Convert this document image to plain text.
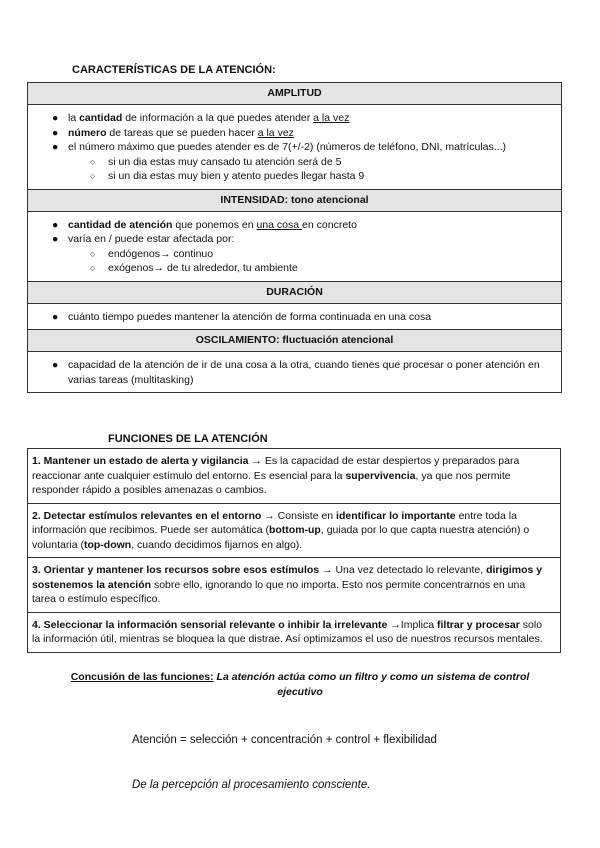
CARACTERÍSTICAS DE LA ATENCIÓN:
AMPLITUD
● la cantidad de información a la que puedes atender a la vez
● número de tareas que se pueden hacer a la vez
● el número máximo que puedes atender es de 7(+/-2) (números de teléfono, DNI, matrículas...)
○ si un dia estas muy cansado tu atención será de 5
○ si un dia estas muy bien y atento puedes llegar hasta 9
INTENSIDAD: tono atencional
● cantidad de atención que ponemos en una cosa en concreto
● varía en / puede estar afectada por:
○ endógenos→ continuo
○ exógenos→ de tu alrededor, tu ambiente
DURACIÓN
● cuánto tiempo puedes mantener la atención de forma continuada en una cosa
OSCILAMIENTO: fluctuación atencional
● capacidad de la atención de ir de una cosa a la otra, cuando tienes que procesar o poner atención en varias tareas (multitasking)
FUNCIONES DE LA ATENCIÓN
1. Mantener un estado de alerta y vigilancia → Es la capacidad de estar despiertos y preparados para reaccionar ante cualquier estímulo del entorno. Es esencial para la supervivencia, ya que nos permite responder rápido a posibles amenazas o cambios.
2. Detectar estímulos relevantes en el entorno → Consiste en identificar lo importante entre toda la información que recibimos. Puede ser automática (bottom-up, guiada por lo que capta nuestra atención) o voluntaria (top-down, cuando decidimos fijarnos en algo).
3. Orientar y mantener los recursos sobre esos estímulos → Una vez detectado lo relevante, dirigimos y sostenemos la atención sobre ello, ignorando lo que no importa. Esto nos permite concentrarnos en una tarea o estímulo específico.
4. Seleccionar la información sensorial relevante o inhibir la irrelevante →Implica filtrar y procesar solo la información útil, mientras se bloquea la que distrae. Así optimizamos el uso de nuestros recursos mentales.
Concusión de las funciones: La atención actúa como un filtro y como un sistema de control ejecutivo
Atención = selección + concentración + control + flexibilidad
De la percepción al procesamiento consciente.
